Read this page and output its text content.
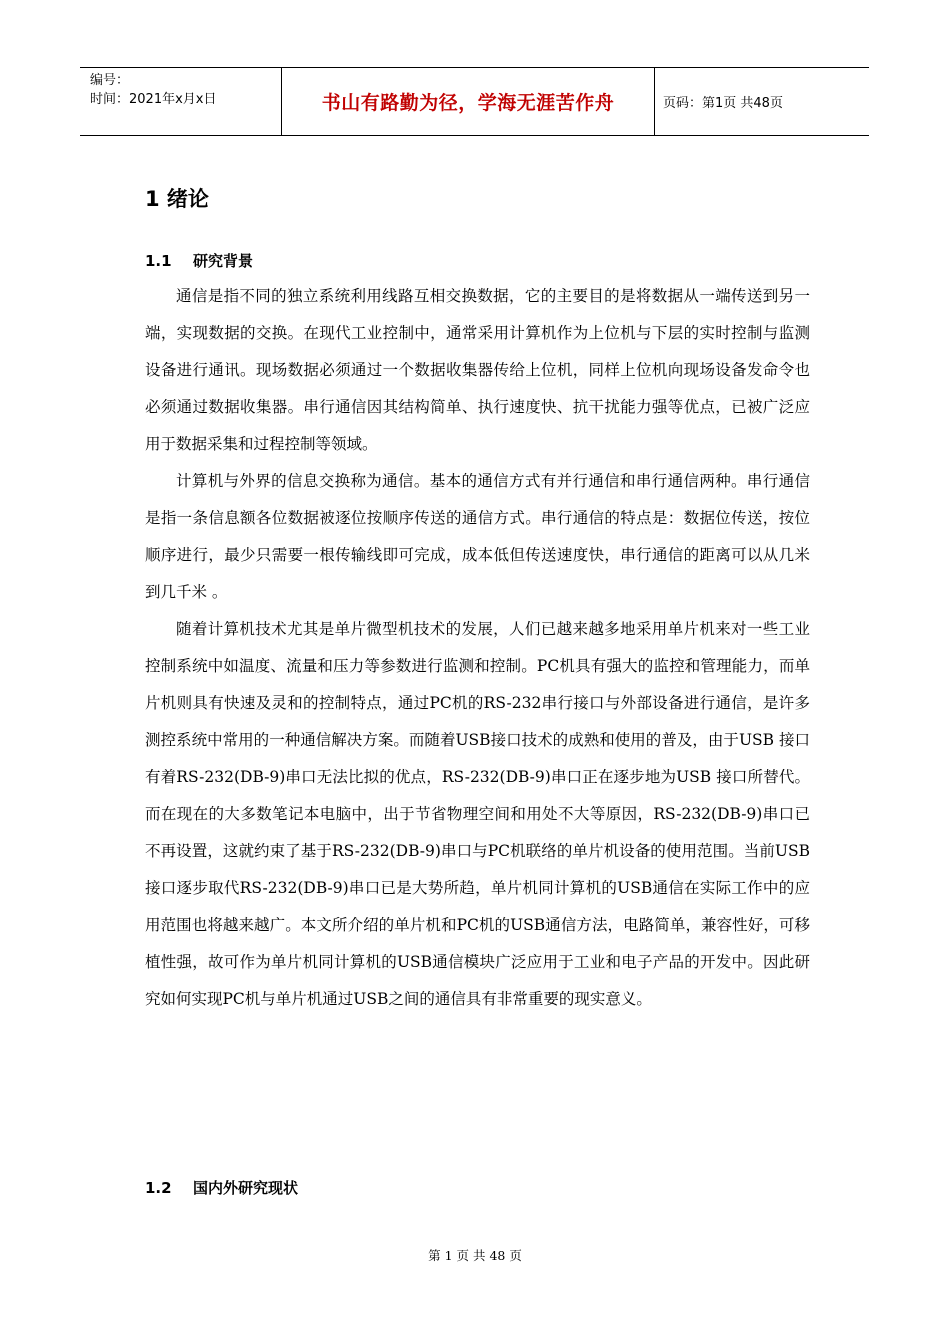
编号：
时间：2021年x月x日	书山有路勤为径，学海无涯苦作舟	页码：第1页 共48页
1 绪论
1.1 研究背景

通信是指不同的独立系统利用线路互相交换数据，它的主要目的是将数据从一端传送到另一端，实现数据的交换。在现代工业控制中，通常采用计算机作为上位机与下层的实时控制与监测设备进行通讯。现场数据必须通过一个数据收集器传给上位机，同样上位机向现场设备发命令也必须通过数据收集器。串行通信因其结构简单、执行速度快、抗干扰能力强等优点，已被广泛应用于数据采集和过程控制等领域。

计算机与外界的信息交换称为通信。基本的通信方式有并行通信和串行通信两种。串行通信是指一条信息额各位数据被逐位按顺序传送的通信方式。串行通信的特点是：数据位传送，按位顺序进行，最少只需要一根传输线即可完成，成本低但传送速度快，串行通信的距离可以从几米到几千米 。

随着计算机技术尤其是单片微型机技术的发展，人们已越来越多地采用单片机来对一些工业控制系统中如温度、流量和压力等参数进行监测和控制。PC机具有强大的监控和管理能力，而单片机则具有快速及灵和的控制特点，通过PC机的RS-232串行接口与外部设备进行通信，是许多测控系统中常用的一种通信解决方案。而随着USB接口技术的成熟和使用的普及，由于USB 接口有着RS-232(DB-9)串口无法比拟的优点，RS-232(DB-9)串口正在逐步地为USB 接口所替代。而在现在的大多数笔记本电脑中，出于节省物理空间和用处不大等原因，RS-232(DB-9)串口已不再设置，这就约束了基于RS-232(DB-9)串口与PC机联络的单片机设备的使用范围。当前USB接口逐步取代RS-232(DB-9)串口已是大势所趋，单片机同计算机的USB通信在实际工作中的应用范围也将越来越广。本文所介绍的单片机和PC机的USB通信方法，电路简单，兼容性好，可移植性强，故可作为单片机同计算机的USB通信模块广泛应用于工业和电子产品的开发中。因此研究如何实现PC机与单片机通过USB之间的通信具有非常重要的现实意义。

1.2 国内外研究现状
第 1 页 共 48 页
